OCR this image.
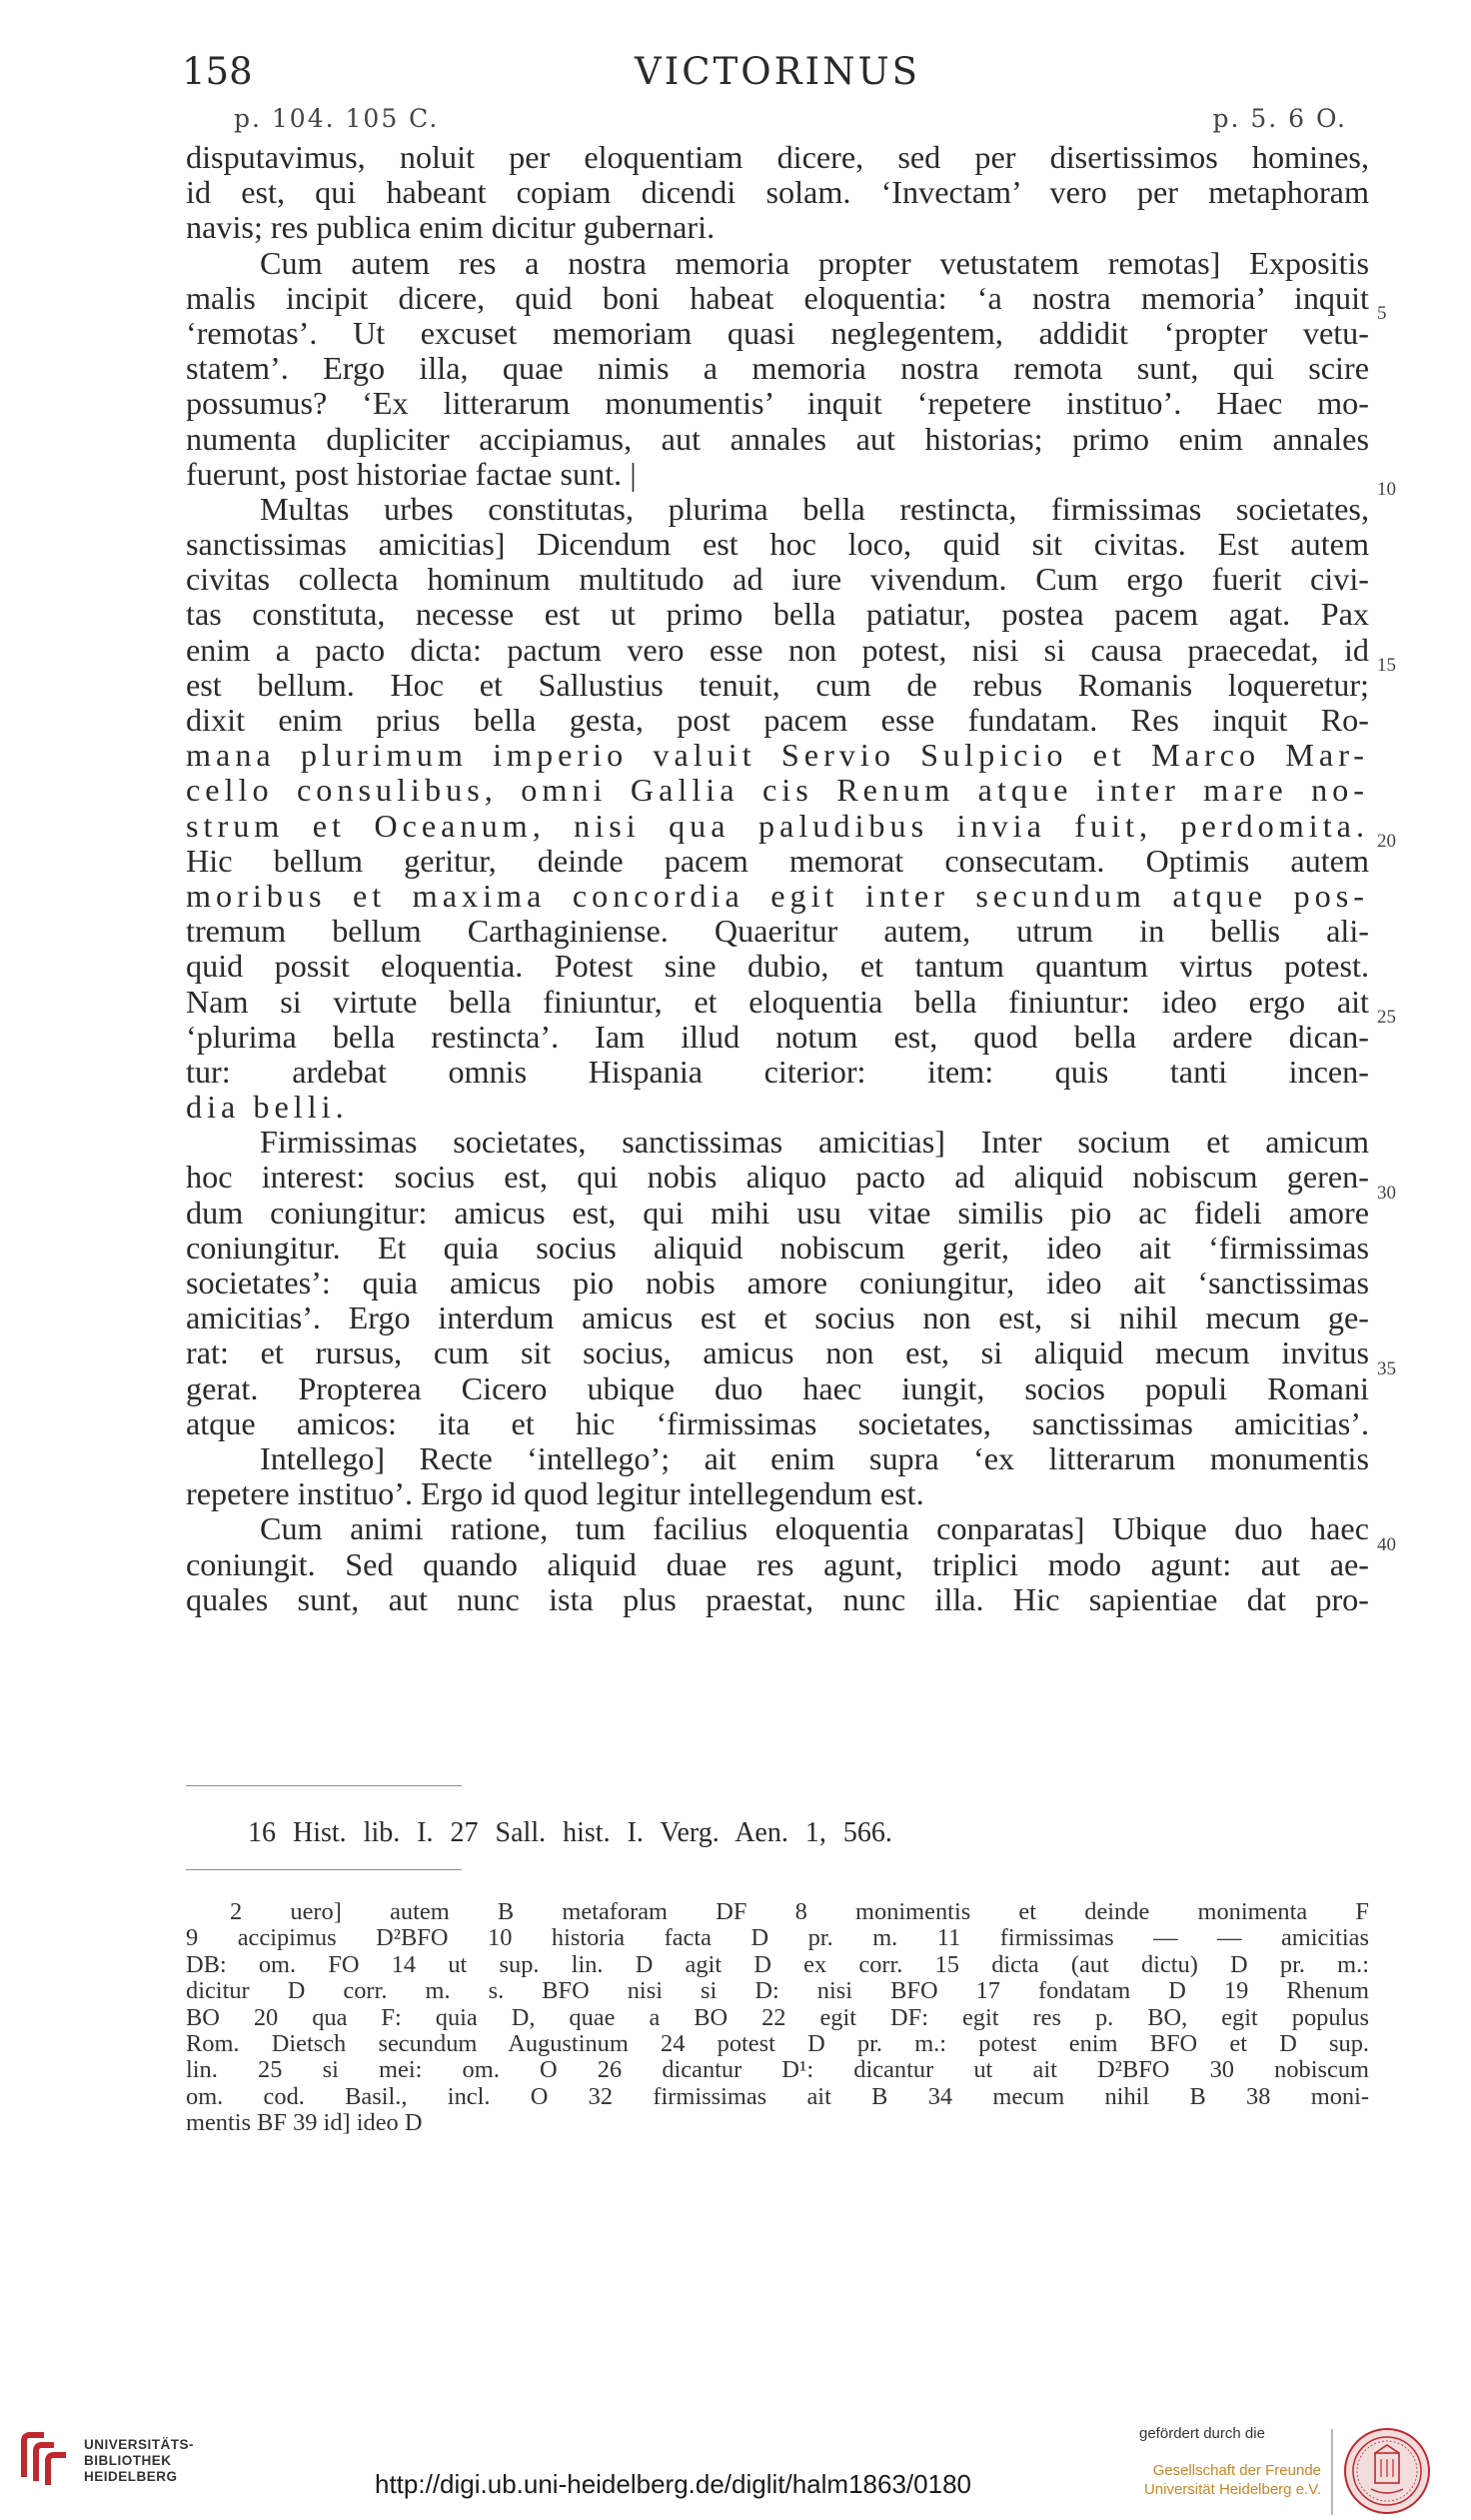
158	VICTORINUS
p. 104. 105 C.	p. 5. 6 O.
disputavimus, noluit per eloquentiam dicere, sed per disertissimos homines,
id est, qui habeant copiam dicendi solam. ‘Invectam’ vero per metaphoram
navis; res publica enim dicitur gubernari.
Cum autem res a nostra memoria propter vetustatem remotas] Expositis
malis incipit dicere, quid boni habeat eloquentia: ‘a nostra memoria’ inquit
‘remotas’. Ut excuset memoriam quasi neglegentem, addidit ‘propter vetu-
statem’. Ergo illa, quae nimis a memoria nostra remota sunt, qui scire
possumus? ‘Ex litterarum monumentis’ inquit ‘repetere instituo’. Haec mo-
numenta dupliciter accipiamus, aut annales aut historias; primo enim annales
fuerunt, post historiae factae sunt. |
Multas urbes constitutas, plurima bella restincta, firmissimas societates,
sanctissimas amicitias] Dicendum est hoc loco, quid sit civitas. Est autem
civitas collecta hominum multitudo ad iure vivendum. Cum ergo fuerit civi-
tas constituta, necesse est ut primo bella patiatur, postea pacem agat. Pax
enim a pacto dicta: pactum vero esse non potest, nisi si causa praecedat, id
est bellum. Hoc et Sallustius tenuit, cum de rebus Romanis loqueretur;
dixit enim prius bella gesta, post pacem esse fundatam. Res inquit Ro-
mana plurimum imperio valuit Servio Sulpicio et Marco Mar-
cello consulibus, omni Gallia cis Renum atque inter mare no-
strum et Oceanum, nisi qua paludibus invia fuit, perdomita.
Hic bellum geritur, deinde pacem memorat consecutam. Optimis autem
moribus et maxima concordia egit inter secundum atque pos-
tremum bellum Carthaginiense. Quaeritur autem, utrum in bellis ali-
quid possit eloquentia. Potest sine dubio, et tantum quantum virtus potest.
Nam si virtute bella finiuntur, et eloquentia bella finiuntur: ideo ergo ait
‘plurima bella restincta’. Iam illud notum est, quod bella ardere dican-
tur: ardebat omnis Hispania citerior: item: quis tanti incen-
dia belli.
Firmissimas societates, sanctissimas amicitias] Inter socium et amicum
hoc interest: socius est, qui nobis aliquo pacto ad aliquid nobiscum geren-
dum coniungitur: amicus est, qui mihi usu vitae similis pio ac fideli amore
coniungitur. Et quia socius aliquid nobiscum gerit, ideo ait ‘firmissimas
societates’: quia amicus pio nobis amore coniungitur, ideo ait ‘sanctissimas
amicitias’. Ergo interdum amicus est et socius non est, si nihil mecum ge-
rat: et rursus, cum sit socius, amicus non est, si aliquid mecum invitus
gerat. Propterea Cicero ubique duo haec iungit, socios populi Romani
atque amicos: ita et hic ‘firmissimas societates, sanctissimas amicitias’.
Intellego] Recte ‘intellego’; ait enim supra ‘ex litterarum monumentis
repetere instituo’. Ergo id quod legitur intellegendum est.
Cum animi ratione, tum facilius eloquentia conparatas] Ubique duo haec
coniungit. Sed quando aliquid duae res agunt, triplici modo agunt: aut ae-
quales sunt, aut nunc ista plus praestat, nunc illa. Hic sapientiae dat pro-
5
10
15
20
25
30
35
40
16 Hist. lib. I. 27 Sall. hist. I. Verg. Aen. 1, 566.
2 uero] autem B metaforam DF 8 monimentis et deinde monimenta F
9 accipimus D²BFO 10 historia facta D pr. m. 11 firmissimas — — amicitias
DB: om. FO 14 ut sup. lin. D agit D ex corr. 15 dicta (aut dictu) D pr. m.:
dicitur D corr. m. s. BFO nisi si D: nisi BFO 17 fondatam D 19 Rhenum
BO 20 qua F: quia D, quae a BO 22 egit DF: egit res p. BO, egit populus
Rom. Dietsch secundum Augustinum 24 potest D pr. m.: potest enim BFO et D sup.
lin. 25 si mei: om. O 26 dicantur D¹: dicantur ut ait D²BFO 30 nobiscum
om. cod. Basil., incl. O 32 firmissimas ait B 34 mecum nihil B 38 moni-
mentis BF 39 id] ideo D
UNIVERSITÄTS-
BIBLIOTHEK
HEIDELBERG	http://digi.ub.uni-heidelberg.de/diglit/halm1863/0180
gefördert durch die
Gesellschaft der Freunde
Universität Heidelberg e.V.
